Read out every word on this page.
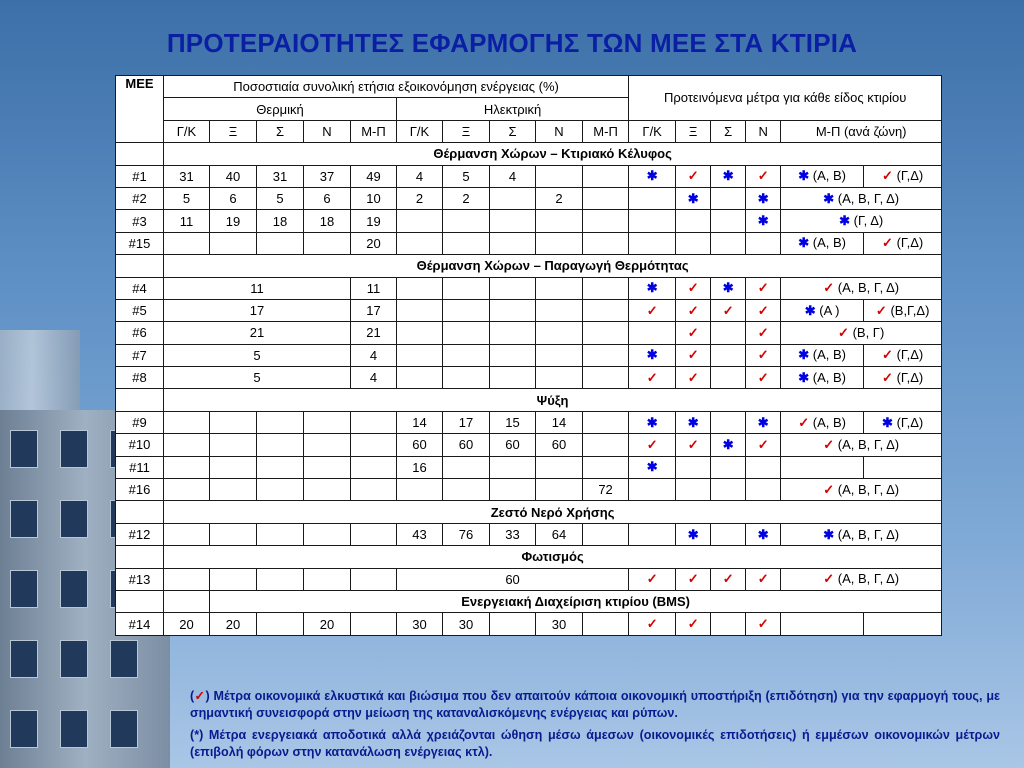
ΠΡΟΤΕΡΑΙΟΤΗΤΕΣ ΕΦΑΡΜΟΓΗΣ ΤΩΝ ΜΕΕ ΣΤΑ ΚΤΙΡΙΑ
ΜΕΕ	Ποσοστιαία συνολική ετήσια εξοικονόμηση ενέργειας (%)										Προτεινόμενα μέτρα για κάθε είδος κτιρίου					
	Θερμική					Ηλεκτρική										
	Γ/Κ	Ξ	Σ	Ν	Μ-Π	Γ/Κ	Ξ	Σ	Ν	Μ-Π	Γ/Κ	Ξ	Σ	Ν	Μ-Π (ανά ζώνη)	
	Θέρμανση Χώρων – Κτιριακό Κέλυφος															
#1	31	40	31	37	49	4	5	4			✱	✓	✱	✓	✱ (Α, Β)	✓ (Γ,Δ)
#2	5	6	5	6	10	2	2		2			✱		✱	✱ (Α, Β, Γ, Δ)	
#3	11	19	18	18	19									✱	✱ (Γ, Δ)	
#15					20										✱ (Α, Β)	✓ (Γ,Δ)
	Θέρμανση Χώρων – Παραγωγή Θερμότητας															
#4	11				11						✱	✓	✱	✓	✓ (Α, Β, Γ, Δ)	
#5	17				17						✓	✓	✓	✓	✱ (Α )	✓ (Β,Γ,Δ)
#6	21				21							✓		✓	✓ (Β, Γ)	
#7	5				4						✱	✓		✓	✱ (Α, Β)	✓ (Γ,Δ)
#8	5				4						✓	✓		✓	✱ (Α, Β)	✓ (Γ,Δ)
	Ψύξη															
#9						14	17	15	14		✱	✱		✱	✓ (Α, Β)	✱ (Γ,Δ)
#10						60	60	60	60		✓	✓	✱	✓	✓ (Α, Β, Γ, Δ)	
#11						16					✱					
#16										72					✓ (Α, Β, Γ, Δ)	
	Ζεστό Νερό Χρήσης															
#12						43	76	33	64			✱		✱	✱ (Α, Β, Γ, Δ)	
	Φωτισμός															
#13						60					✓	✓	✓	✓	✓ (Α, Β, Γ, Δ)	
		Ενεργειακή Διαχείριση κτιρίου (BMS)														
#14	20	20		20		30	30		30		✓	✓		✓		

(✓) Μέτρα οικονομικά ελκυστικά και βιώσιμα που δεν απαιτούν κάποια οικονομική υποστήριξη (επιδότηση) για την εφαρμογή τους, με σημαντική συνεισφορά στην μείωση της καταναλισκόμενης ενέργειας και ρύπων.

(*) Μέτρα ενεργειακά αποδοτικά αλλά χρειάζονται ώθηση μέσω άμεσων (οικονομικές επιδοτήσεις) ή εμμέσων οικονομικών μέτρων (επιβολή φόρων στην κατανάλωση ενέργειας κτλ).
